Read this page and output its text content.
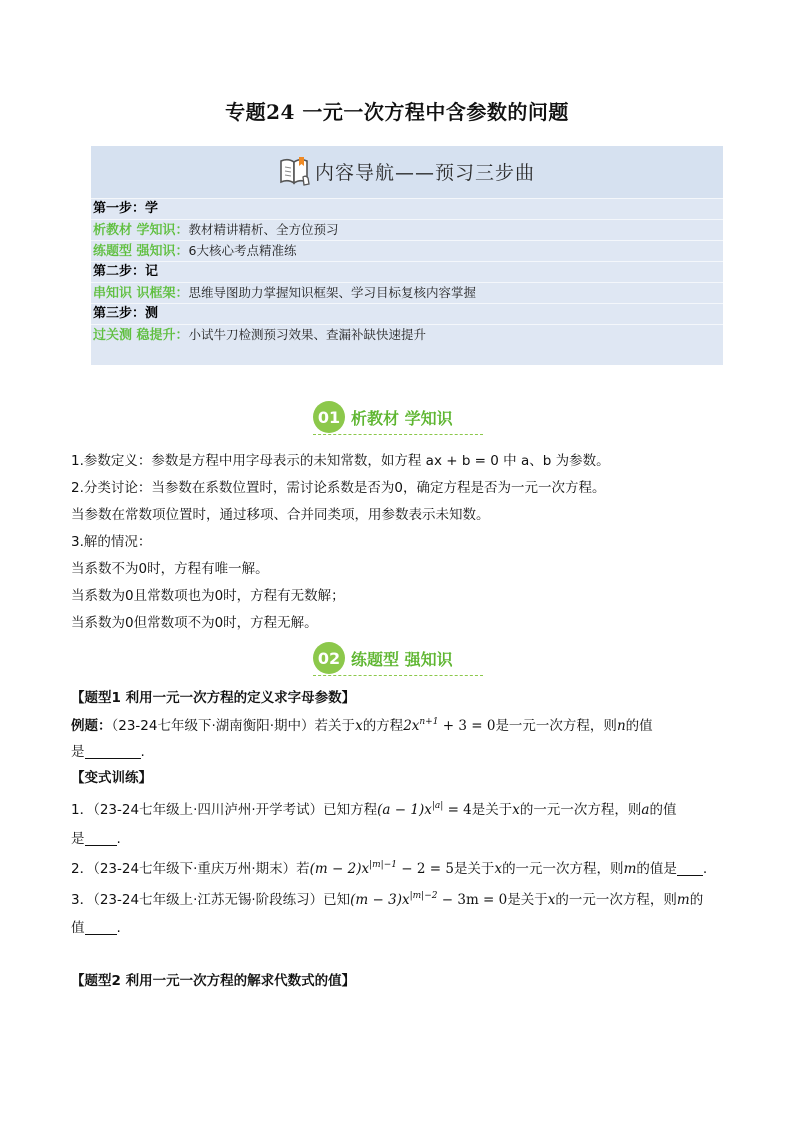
专题24 一元一次方程中含参数的问题
内容导航——预习三步曲
第一步：学
析教材 学知识：教材精讲精析、全方位预习
练题型 强知识：6大核心考点精准练
第二步：记
串知识 识框架：思维导图助力掌握知识框架、学习目标复核内容掌握
第三步：测
过关测 稳提升：小试牛刀检测预习效果、查漏补缺快速提升
01 析教材 学知识
1.参数定义：参数是方程中用字母表示的未知常数，如方程 ax + b = 0 中 a、b 为参数。
2.分类讨论：当参数在系数位置时，需讨论系数是否为0，确定方程是否为一元一次方程。
当参数在常数项位置时，通过移项、合并同类项，用参数表示未知数。
3.解的情况：
当系数不为0时，方程有唯一解。
当系数为0且常数项也为0时，方程有无数解；
当系数为0但常数项不为0时，方程无解。
02 练题型 强知识
【题型1 利用一元一次方程的定义求字母参数】
例题：（23-24七年级下·湖南衡阳·期中）若关于x的方程$2x^{n+1} + 3 = 0$是一元一次方程，则n的值
是	.
【变式训练】
1．（23-24七年级上·四川泸州·开学考试）已知方程$(a - 1)x^{|a|} = 4$是关于x的一元一次方程，则a的值
是 .
2．（23-24七年级下·重庆万州·期末）若$(m - 2)x^{|m|-1} - 2 = 5$是关于x的一元一次方程，则m的值是 .
3．（23-24七年级上·江苏无锡·阶段练习）已知$(m - 3)x^{|m|-2} - 3m = 0$是关于x的一元一次方程，则m的
值 .
【题型2 利用一元一次方程的解求代数式的值】
